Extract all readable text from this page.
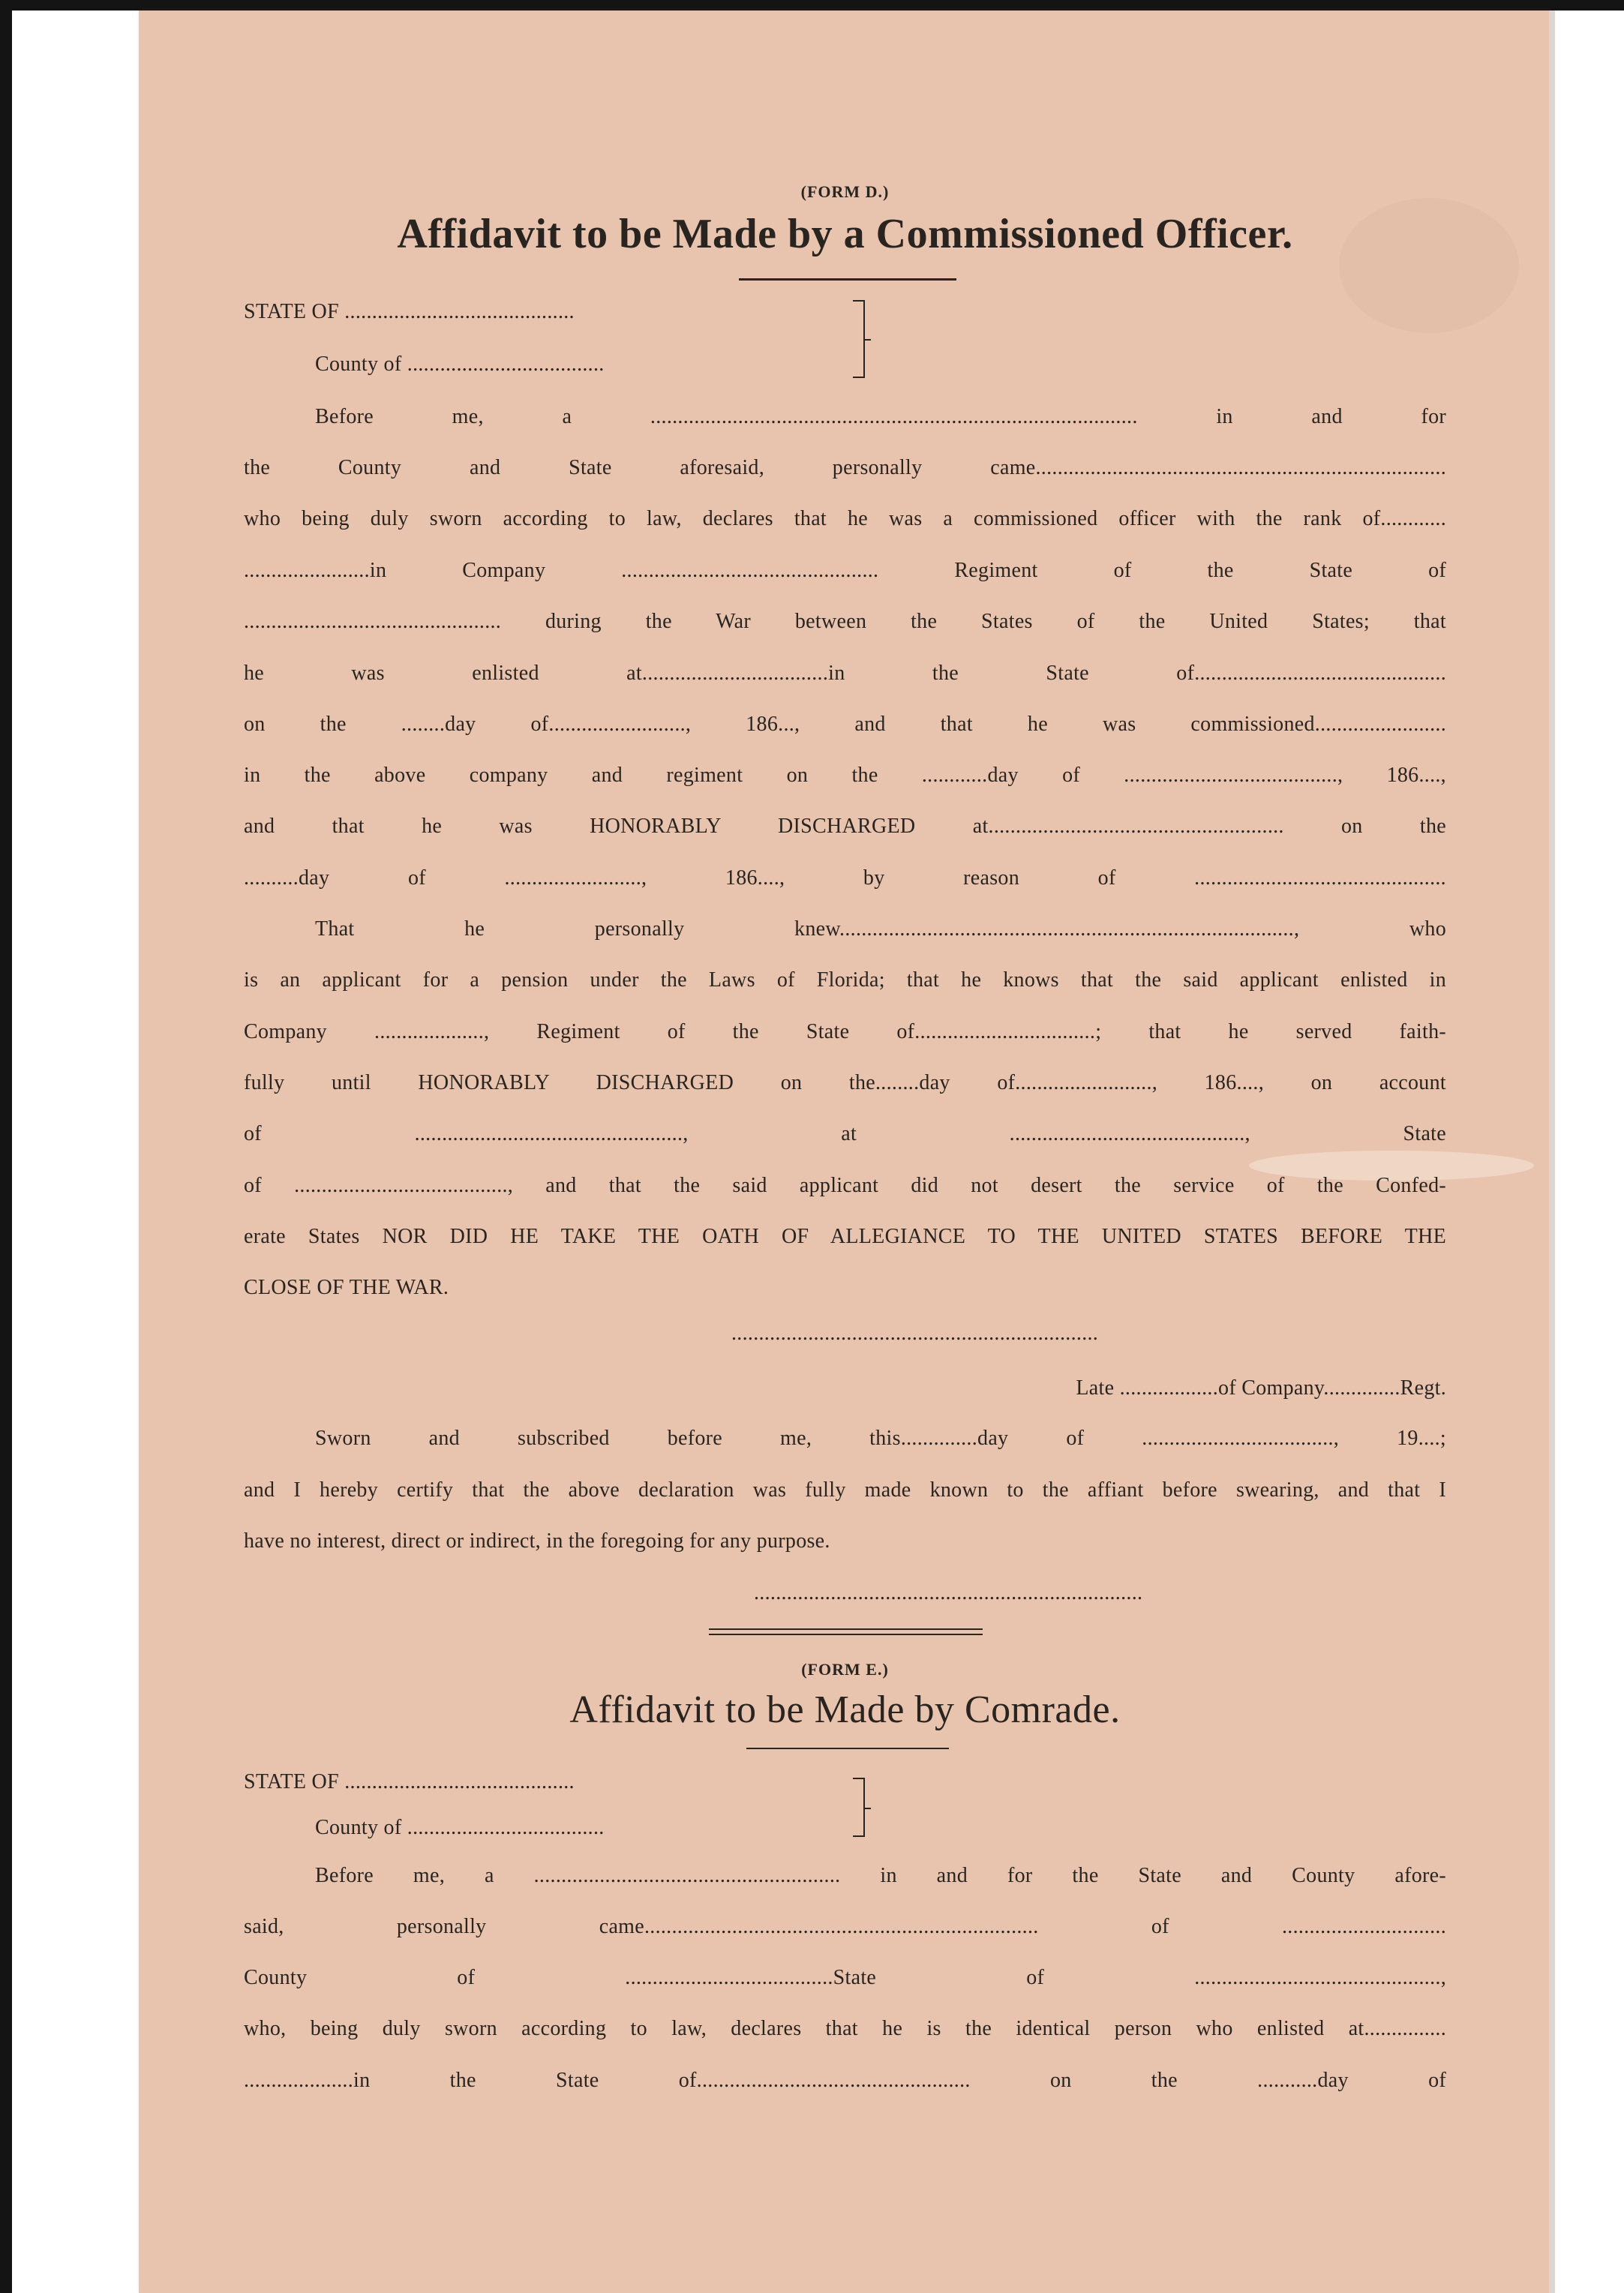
(FORM D.)
Affidavit to be Made by a Commissioned Officer.
STATE OF ..........................................
County of ....................................
Before me, a ......................................................................................... in and for
the County and State aforesaid, personally came...........................................................................
who being duly sworn according to law, declares that he was a commissioned officer with the rank of............
.......................in Company ............................................... Regiment of the State of
............................................... during the War between the States of the United States; that
he was enlisted at..................................in the State of..............................................
on the ........day of........................., 186..., and that he was commissioned........................
in the above company and regiment on the ............day of ......................................., 186....,
and that he was HONORABLY DISCHARGED at...................................................... on the
..........day of ........................., 186...., by reason of ..............................................
That he personally knew..................................................................................., who
is an applicant for a pension under the Laws of Florida; that he knows that the said applicant enlisted in
Company ...................., Regiment of the State of.................................; that he served faith-
fully until HONORABLY DISCHARGED on the........day of........................., 186...., on account
of ................................................., at ..........................................., State
of ......................................., and that the said applicant did not desert the service of the Confed-
erate States NOR DID HE TAKE THE OATH OF ALLEGIANCE TO THE UNITED STATES BEFORE THE
CLOSE OF THE WAR.
...................................................................
Late ..................of Company..............Regt.
Sworn and subscribed before me, this..............day of ..................................., 19....;
and I hereby certify that the above declaration was fully made known to the affiant before swearing, and that I
have no interest, direct or indirect, in the foregoing for any purpose.
.......................................................................
(FORM E.)
Affidavit to be Made by Comrade.
STATE OF ..........................................
County of ....................................
Before me, a ........................................................ in and for the State and County afore-
said, personally came........................................................................ of ..............................
County of ......................................State of .............................................,
who, being duly sworn according to law, declares that he is the identical person who enlisted at...............
....................in the State of.................................................. on the ...........day of
